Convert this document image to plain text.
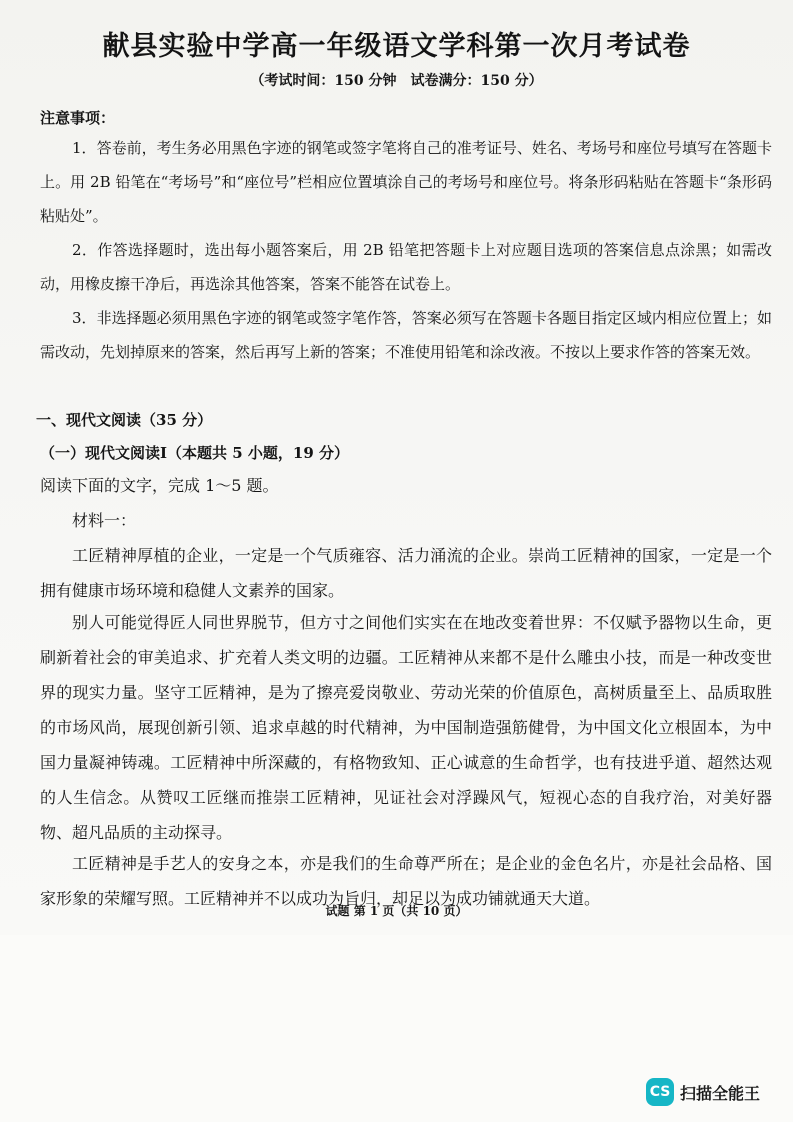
献县实验中学高一年级语文学科第一次月考试卷
（考试时间：150 分钟　试卷满分：150 分）

注意事项：

1．答卷前，考生务必用黑色字迹的钢笔或签字笔将自己的准考证号、姓名、考场号和座位号填写在答题卡上。用 2B 铅笔在“考场号”和“座位号”栏相应位置填涂自己的考场号和座位号。将条形码粘贴在答题卡“条形码粘贴处”。

2．作答选择题时，选出每小题答案后，用 2B 铅笔把答题卡上对应题目选项的答案信息点涂黑；如需改动，用橡皮擦干净后，再选涂其他答案，答案不能答在试卷上。

3．非选择题必须用黑色字迹的钢笔或签字笔作答，答案必须写在答题卡各题目指定区域内相应位置上；如需改动，先划掉原来的答案，然后再写上新的答案；不准使用铅笔和涂改液。不按以上要求作答的答案无效。

一、现代文阅读（35 分）

（一）现代文阅读Ⅰ（本题共 5 小题，19 分）

阅读下面的文字，完成 1～5 题。

材料一：

工匠精神厚植的企业，一定是一个气质雍容、活力涌流的企业。崇尚工匠精神的国家，一定是一个拥有健康市场环境和稳健人文素养的国家。

别人可能觉得匠人同世界脱节，但方寸之间他们实实在在地改变着世界：不仅赋予器物以生命，更刷新着社会的审美追求、扩充着人类文明的边疆。工匠精神从来都不是什么雕虫小技，而是一种改变世界的现实力量。坚守工匠精神，是为了擦亮爱岗敬业、劳动光荣的价值原色，高树质量至上、品质取胜的市场风尚，展现创新引领、追求卓越的时代精神，为中国制造强筋健骨，为中国文化立根固本，为中国力量凝神铸魂。工匠精神中所深藏的，有格物致知、正心诚意的生命哲学，也有技进乎道、超然达观的人生信念。从赞叹工匠继而推崇工匠精神，见证社会对浮躁风气，短视心态的自我疗治，对美好器物、超凡品质的主动探寻。

工匠精神是手艺人的安身之本，亦是我们的生命尊严所在；是企业的金色名片，亦是社会品格、国家形象的荣耀写照。工匠精神并不以成功为旨归，却足以为成功铺就通天大道。

试题 第 1 页（共 10 页）
CS 扫描全能王
